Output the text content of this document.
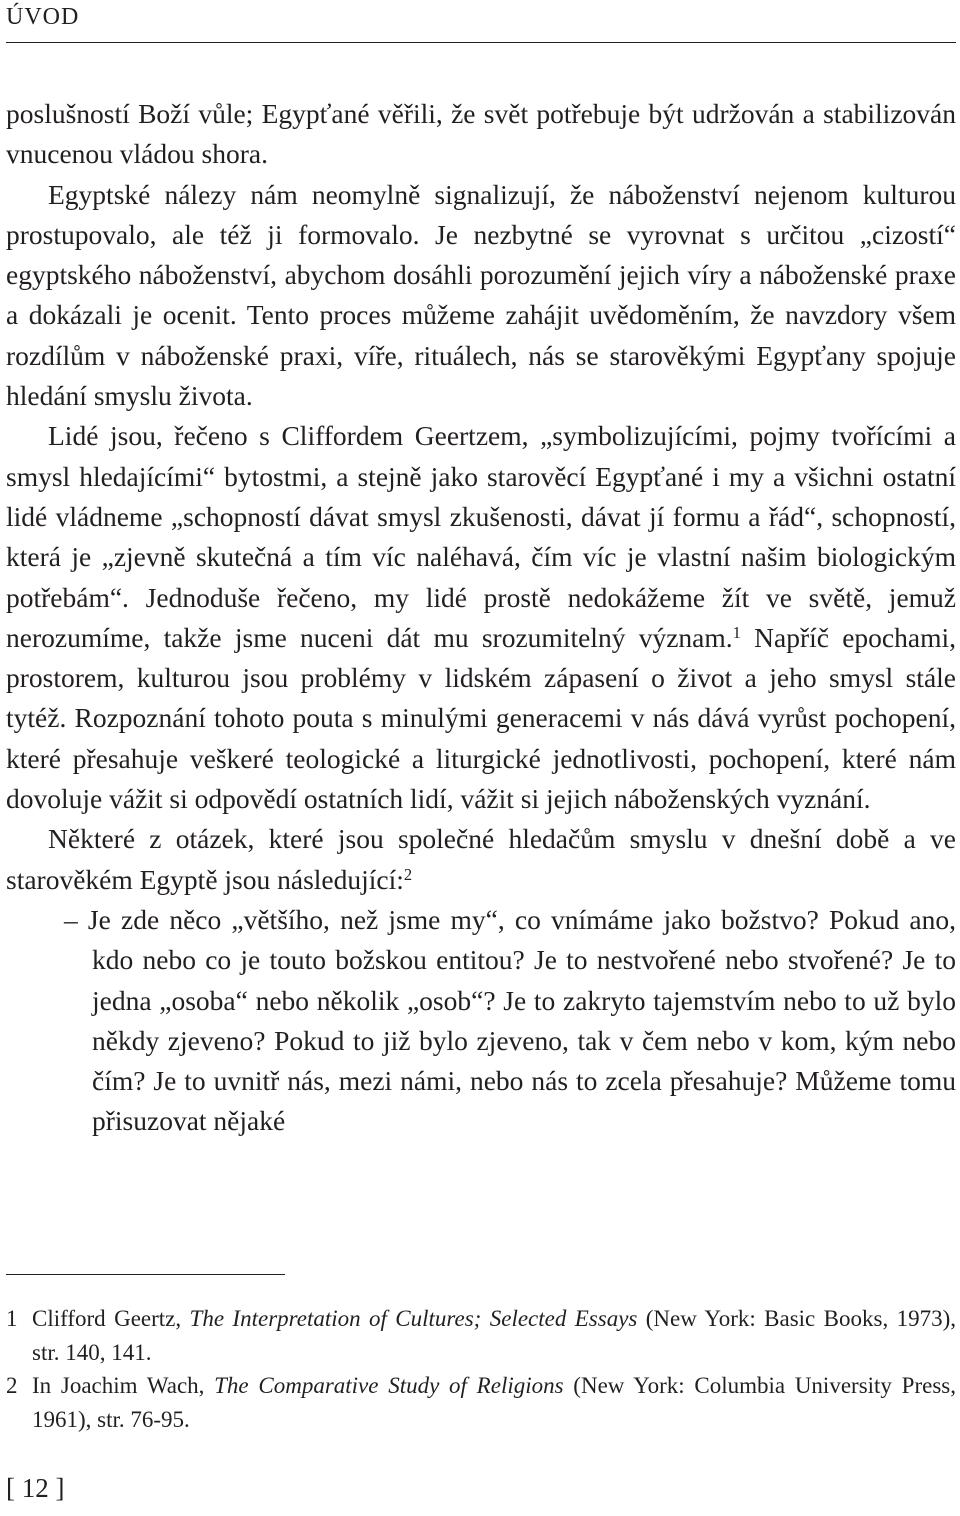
ÚVOD

poslušností Boží vůle; Egypťané věřili, že svět potřebuje být udržován a stabilizován vnucenou vládou shora.

Egyptské nálezy nám neomylně signalizují, že náboženství nejenom kulturou prostupovalo, ale též ji formovalo. Je nezbytné se vyrovnat s určitou „cizostí“ egyptského náboženství, abychom dosáhli porozumění jejich víry a náboženské praxe a dokázali je ocenit. Tento proces můžeme zahájit uvědoměním, že navzdory všem rozdílům v náboženské praxi, víře, rituálech, nás se starověkými Egypťany spojuje hledání smyslu života.

Lidé jsou, řečeno s Cliffordem Geertzem, „symbolizujícími, pojmy tvořícími a smysl hledajícími“ bytostmi, a stejně jako starověcí Egypťané i my a všichni ostatní lidé vládneme „schopností dávat smysl zkušenosti, dávat jí formu a řád“, schopností, která je „zjevně skutečná a tím víc naléhavá, čím víc je vlastní našim biologickým potřebám“. Jednoduše řečeno, my lidé prostě nedokážeme žít ve světě, jemuž nerozumíme, takže jsme nuceni dát mu srozumitelný význam.$^1$ Napříč epochami, prostorem, kulturou jsou problémy v lidském zápasení o život a jeho smysl stále tytéž. Rozpoznání tohoto pouta s minulými generacemi v nás dává vyrůst pochopení, které přesahuje veškeré teologické a liturgické jednotlivosti, pochopení, které nám dovoluje vážit si odpovědí ostatních lidí, vážit si jejich náboženských vyznání.

Některé z otázek, které jsou společné hledačům smyslu v dnešní době a ve starověkém Egyptě jsou následující:$^2$

– Je zde něco „většího, než jsme my“, co vnímáme jako božstvo? Pokud ano, kdo nebo co je touto božskou entitou? Je to nestvořené nebo stvořené? Je to jedna „osoba“ nebo několik „osob“? Je to zakryto tajemstvím nebo to už bylo někdy zjeveno? Pokud to již bylo zjeveno, tak v čem nebo v kom, kým nebo čím? Je to uvnitř nás, mezi námi, nebo nás to zcela přesahuje? Můžeme tomu přisuzovat nějaké

1 Clifford Geertz, The Interpretation of Cultures; Selected Essays (New York: Basic Books, 1973), str. 140, 141.

2 In Joachim Wach, The Comparative Study of Religions (New York: Columbia University Press, 1961), str. 76-95.

[ 12 ]
